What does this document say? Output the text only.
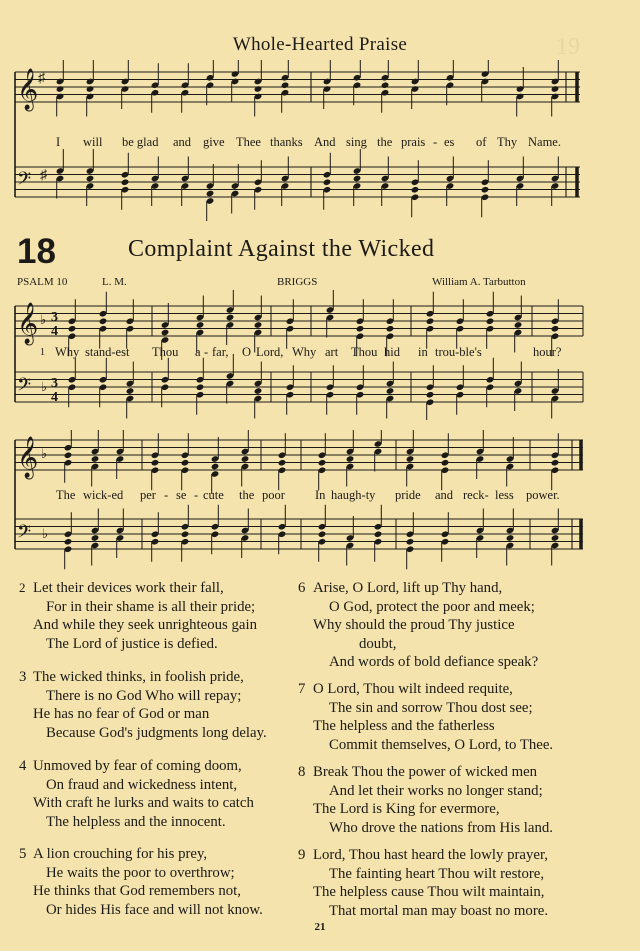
19
Whole-Hearted Praise
𝄞
𝄢
♯
♯
I will be glad and give Thee thanks And sing the prais - es of Thy Name.
18	Complaint Against the Wicked
PSALM 10	L. M.	BRIGGS	William A. Tarbutton
𝄞
𝄢
♭
♭
3
4
3
4
1 Why stand-est Thou a - far, O Lord, Why art Thou hid in trou-ble's	hour?
𝄞
𝄢
♭
♭
The wick-ed per - se - cute the poor In haugh-ty pride and reck- less power.
2 Let their devices work their fall,
For in their shame is all their pride;
And while they seek unrighteous gain
The Lord of justice is defied.
3 The wicked thinks, in foolish pride,
There is no God Who will repay;
He has no fear of God or man
Because God's judgments long delay.
4 Unmoved by fear of coming doom,
On fraud and wickedness intent,
With craft he lurks and waits to catch
The helpless and the innocent.
5 A lion crouching for his prey,
He waits the poor to overthrow;
He thinks that God remembers not,
Or hides His face and will not know.
6 Arise, O Lord, lift up Thy hand,
O God, protect the poor and meek;
Why should the proud Thy justice
doubt,
And words of bold defiance speak?
7 O Lord, Thou wilt indeed requite,
The sin and sorrow Thou dost see;
The helpless and the fatherless
Commit themselves, O Lord, to Thee.
8 Break Thou the power of wicked men
And let their works no longer stand;
The Lord is King for evermore,
Who drove the nations from His land.
9 Lord, Thou hast heard the lowly prayer,
The fainting heart Thou wilt restore,
The helpless cause Thou wilt maintain,
That mortal man may boast no more.
21
